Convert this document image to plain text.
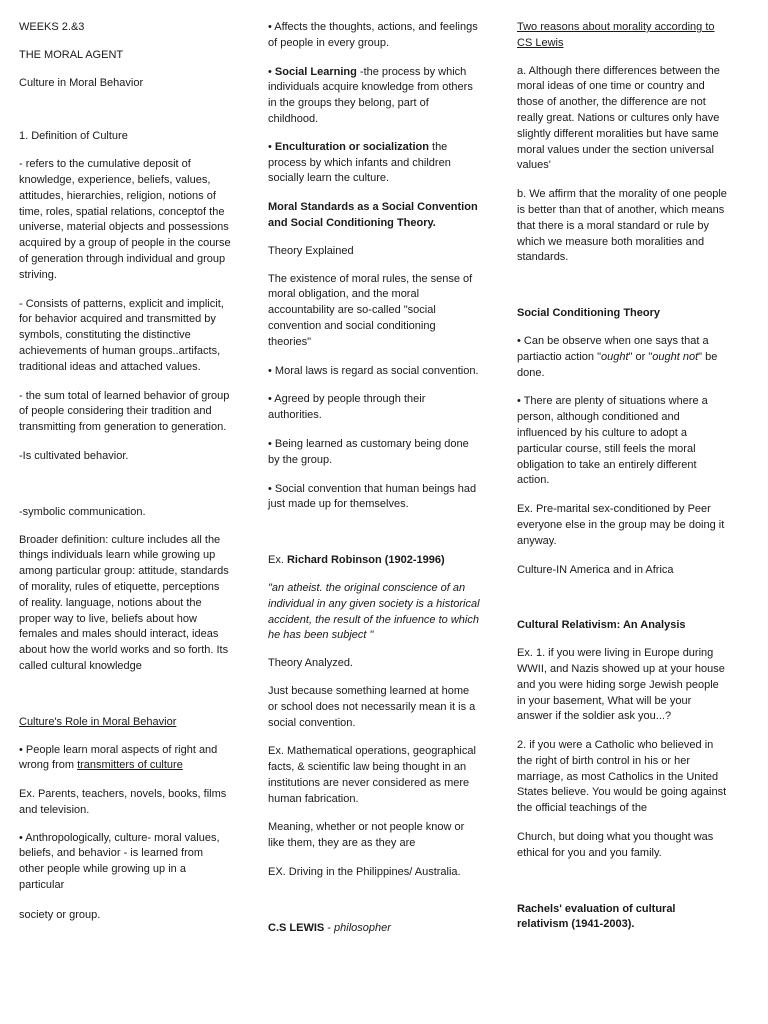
WEEKS 2.&3

THE MORAL AGENT

Culture in Moral Behavior

1. Definition of Culture

- refers to the cumulative deposit of knowledge, experience, beliefs, values, attitudes, hierarchies, religion, notions of time, roles, spatial relations, conceptof the universe, material objects and possessions acquired by a group of people in the course of generation through individual and group striving.

- Consists of patterns, explicit and implicit, for behavior acquired and transmitted by symbols, constituting the distinctive achievements of human groups..artifacts, traditional ideas and attached values.

- the sum total of learned behavior of group of people considering their tradition and transmitting from generation to generation.

-Is cultivated behavior.

-symbolic communication.

Broader definition: culture includes all the things individuals learn while growing up among particular group: attitude, standards of morality, rules of etiquette, perceptions of reality. language, notions about the proper way to live, beliefs about how females and males should interact, ideas about how the world works and so forth. Its called cultural knowledge

Culture's Role in Moral Behavior

• People learn moral aspects of right and wrong from transmitters of culture

Ex. Parents, teachers, novels, books, films and television.

• Anthropologically, culture- moral values, beliefs, and behavior - is learned from other people while growing up in a particular

society or group.

• Affects the thoughts, actions, and feelings of people in every group.

• Social Learning -the process by which individuals acquire knowledge from others in the groups they belong, part of childhood.

• Enculturation or socialization the process by which infants and children socially learn the culture.

Moral Standards as a Social Convention and Social Conditioning Theory.

Theory Explained

The existence of moral rules, the sense of moral obligation, and the moral accountability are so-called "social convention and social conditioning theories"

• Moral laws is regard as social convention.

• Agreed by people through their authorities.

• Being learned as customary being done by the group.

• Social convention that human beings had just made up for themselves.

Ex. Richard Robinson (1902-1996)

"an atheist. the original conscience of an individual in any given society is a historical accident, the result of the infuence to which he has been subject "

Theory Analyzed.

Just because something learned at home or school does not necessarily mean it is a social convention.

Ex. Mathematical operations, geographical facts, & scientific law being thought in an institutions are never considered as mere human fabrication.

Meaning, whether or not people know or like them, they are as they are

EX. Driving in the Philippines/ Australia.

C.S LEWIS - philosopher

Two reasons about morality according to CS Lewis

a. Although there differences between the moral ideas of one time or country and those of another, the difference are not really great. Nations or cultures only have slightly different moralities but have same moral values under the section universal values'

b. We affirm that the morality of one people is better than that of another, which means that there is a moral standard or rule by which we measure both moralities and standards.

Social Conditioning Theory

• Can be observe when one says that a partiactio action "ought" or "ought not" be done.

• There are plenty of situations where a person, although conditioned and influenced by his culture to adopt a particular course, still feels the moral obligation to take an entirely different action.

Ex. Pre-marital sex-conditioned by Peer everyone else in the group may be doing it anyway.

Culture-IN America and in Africa

Cultural Relativism: An Analysis

Ex. 1. if you were living in Europe during WWII, and Nazis showed up at your house and you were hiding sorge Jewish people in your basement, What will be your answer if the soldier ask you...?

2. if you were a Catholic who believed in the right of birth control in his or her marriage, as most Catholics in the United States believe. You would be going against the official teachings of the

Church, but doing what you thought was ethical for you and you family.

Rachels' evaluation of cultural relativism (1941-2003).
